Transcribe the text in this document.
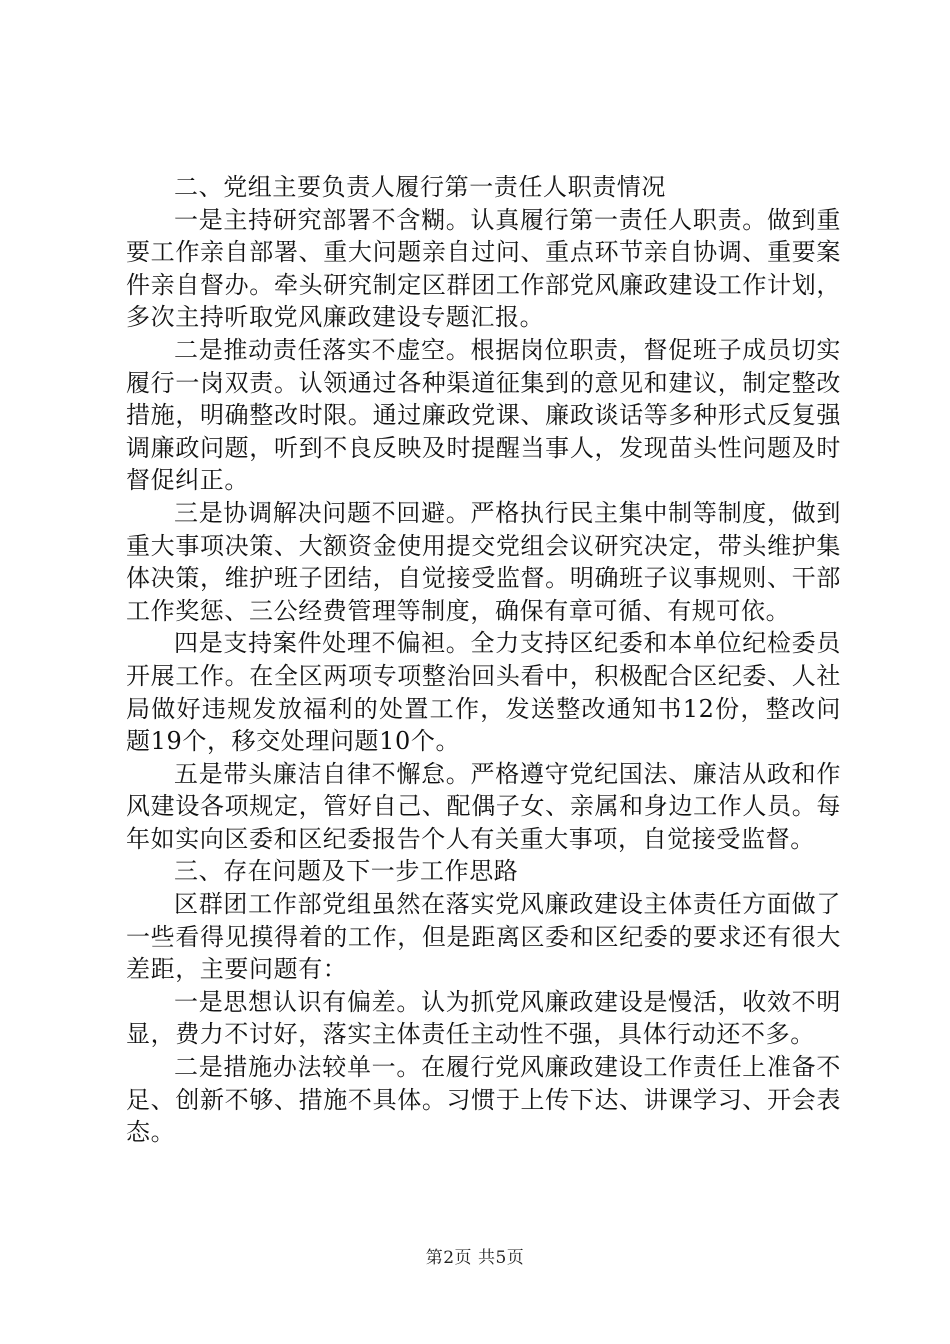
二、党组主要负责人履行第一责任人职责情况

一是主持研究部署不含糊。认真履行第一责任人职责。做到重要工作亲自部署、重大问题亲自过问、重点环节亲自协调、重要案件亲自督办。牵头研究制定区群团工作部党风廉政建设工作计划，多次主持听取党风廉政建设专题汇报。

二是推动责任落实不虚空。根据岗位职责，督促班子成员切实履行一岗双责。认领通过各种渠道征集到的意见和建议，制定整改措施，明确整改时限。通过廉政党课、廉政谈话等多种形式反复强调廉政问题，听到不良反映及时提醒当事人，发现苗头性问题及时督促纠正。

三是协调解决问题不回避。严格执行民主集中制等制度，做到重大事项决策、大额资金使用提交党组会议研究决定，带头维护集体决策，维护班子团结，自觉接受监督。明确班子议事规则、干部工作奖惩、三公经费管理等制度，确保有章可循、有规可依。

四是支持案件处理不偏袒。全力支持区纪委和本单位纪检委员开展工作。在全区两项专项整治回头看中，积极配合区纪委、人社局做好违规发放福利的处置工作，发送整改通知书12份，整改问题19个，移交处理问题10个。

五是带头廉洁自律不懈怠。严格遵守党纪国法、廉洁从政和作风建设各项规定，管好自己、配偶子女、亲属和身边工作人员。每年如实向区委和区纪委报告个人有关重大事项，自觉接受监督。

三、存在问题及下一步工作思路

区群团工作部党组虽然在落实党风廉政建设主体责任方面做了一些看得见摸得着的工作，但是距离区委和区纪委的要求还有很大差距，主要问题有：

一是思想认识有偏差。认为抓党风廉政建设是慢活，收效不明显，费力不讨好，落实主体责任主动性不强，具体行动还不多。

二是措施办法较单一。在履行党风廉政建设工作责任上准备不足、创新不够、措施不具体。习惯于上传下达、讲课学习、开会表态。

第2页 共5页
